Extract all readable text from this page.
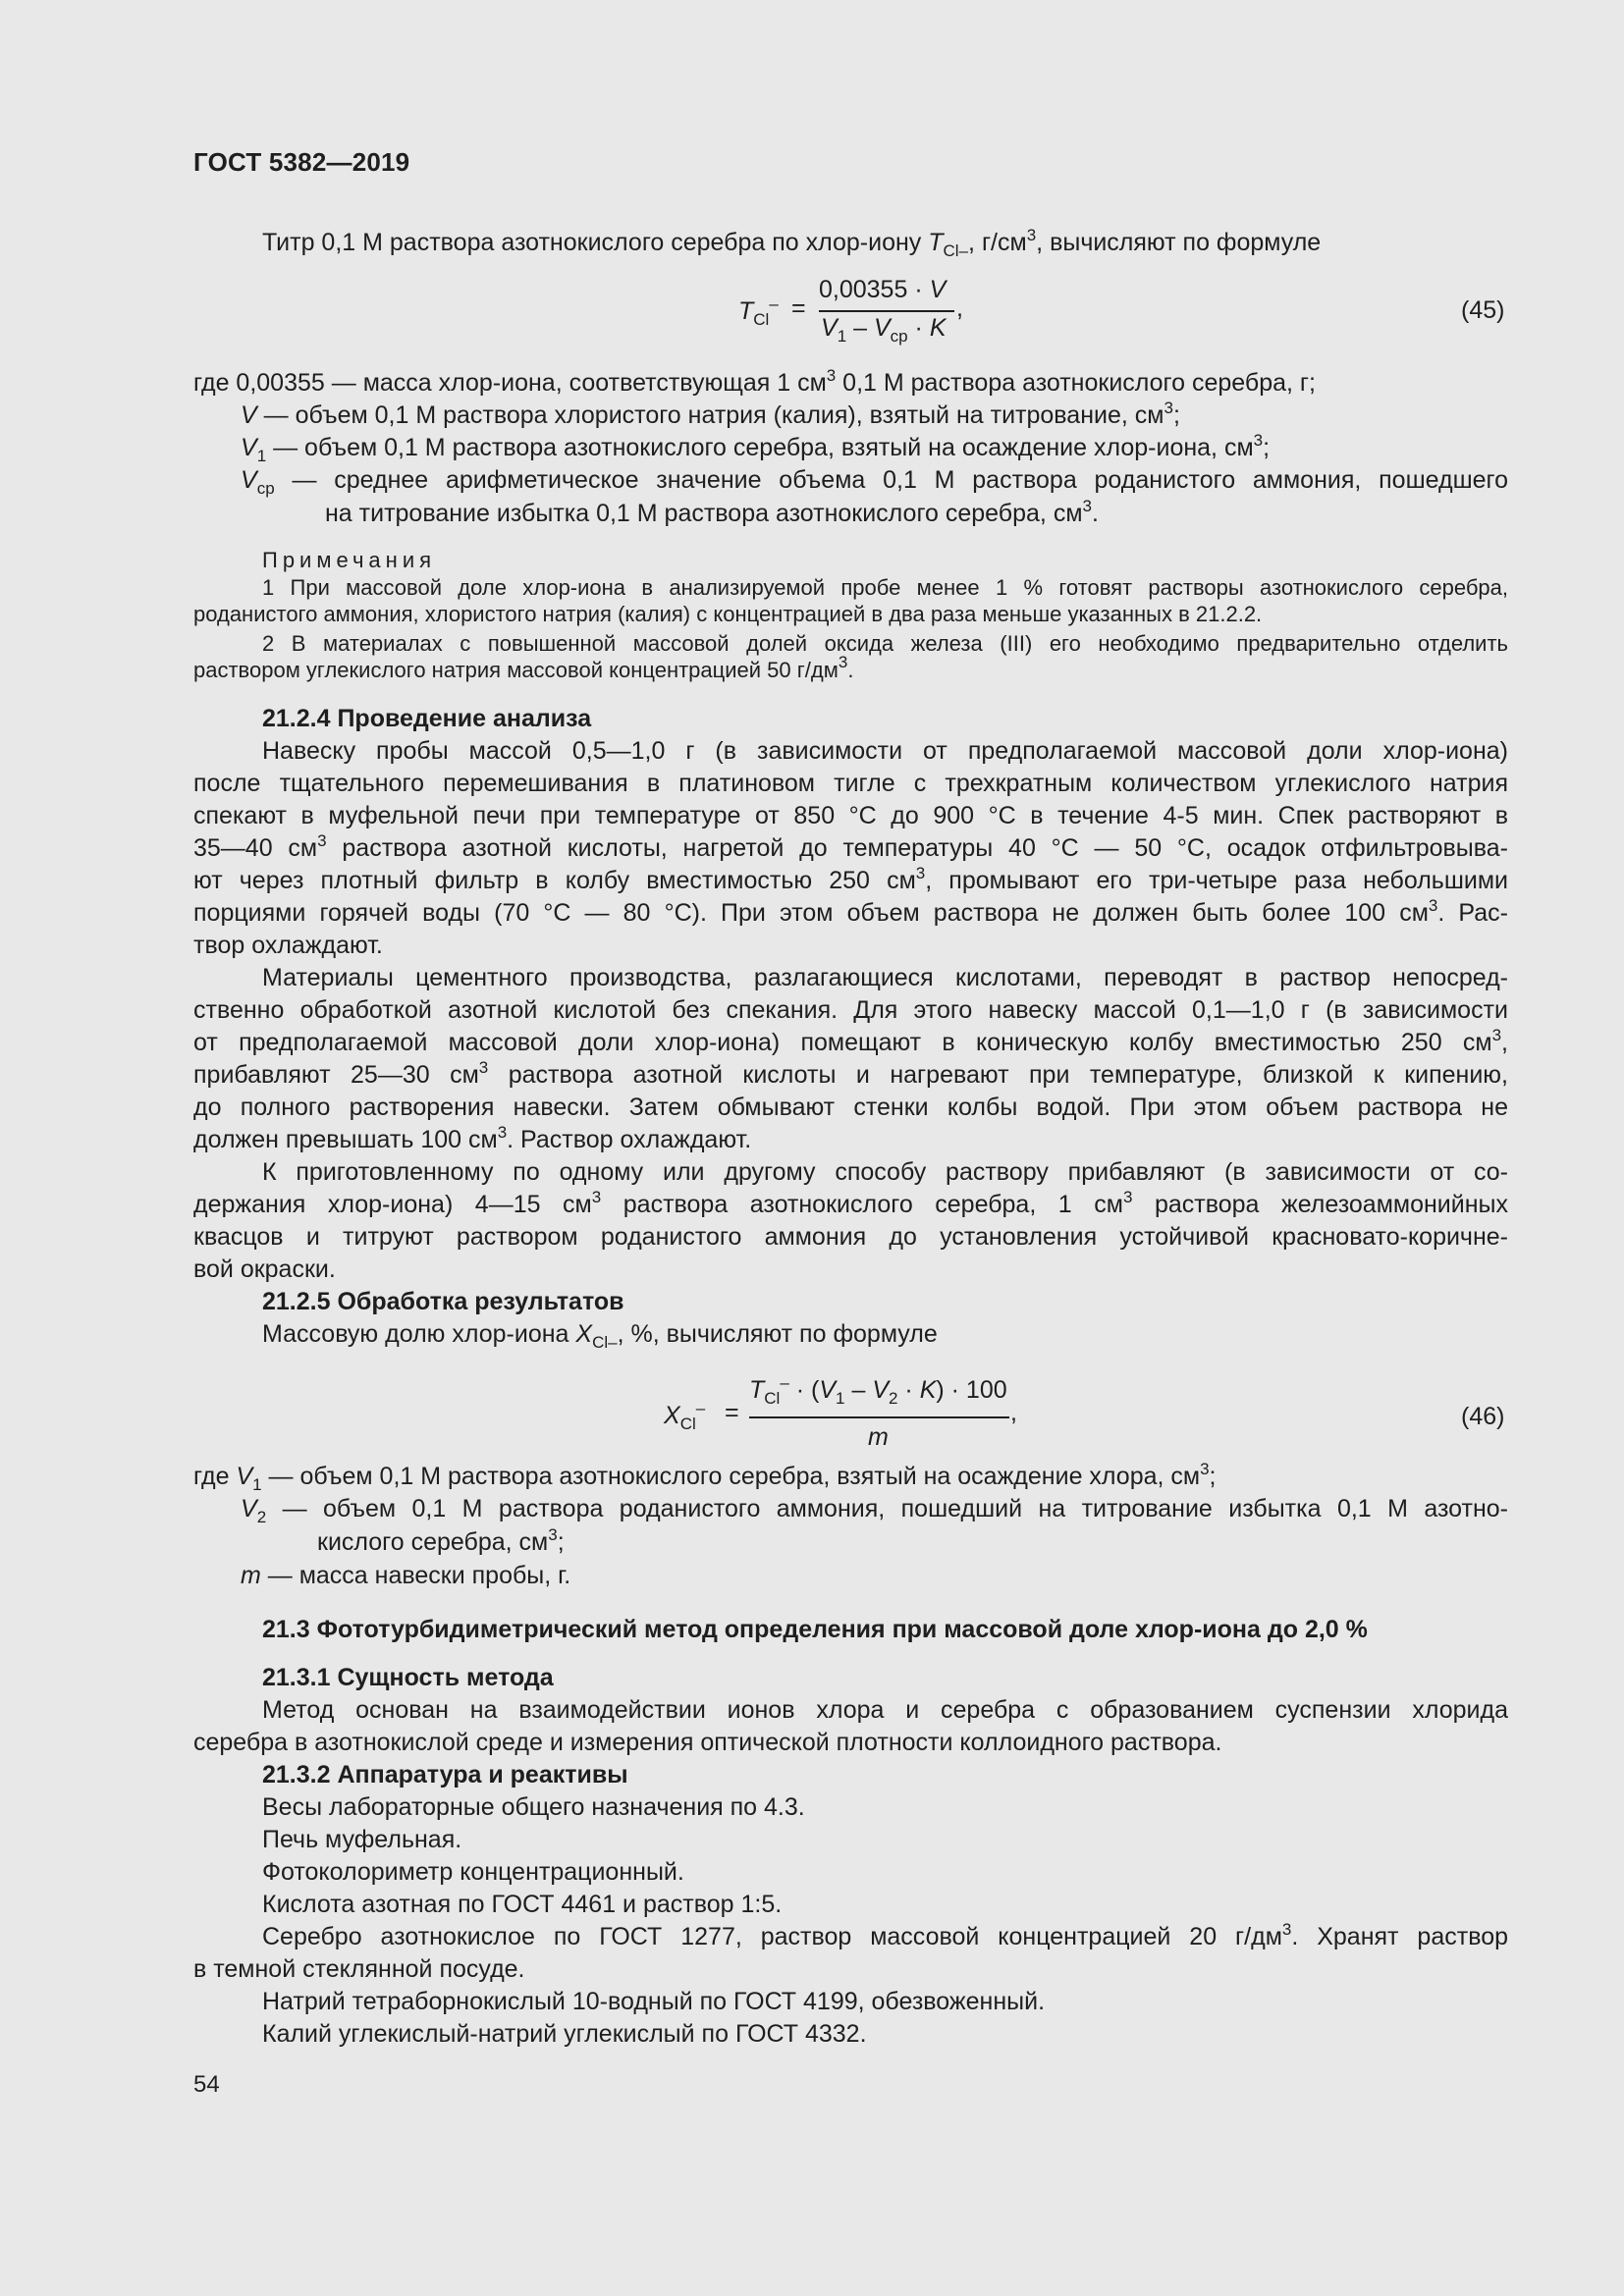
ГОСТ 5382—2019
Титр 0,1 М раствора азотнокислого серебра по хлор-иону $T_{Cl-}$, $г/см^3$, вычисляют по формуле
$T_{Cl}^-$ =
0,00355 · V
$V_1 - V_{ср} \cdot K$
,	(45)
где 0,00355 — масса хлор-иона, соответствующая 1 $см^3$ 0,1 М раствора азотнокислого серебра, г;
V — объем 0,1 М раствора хлористого натрия (калия), взятый на титрование, $см^3$;
$V_1$ — объем 0,1 М раствора азотнокислого серебра, взятый на осаждение хлор-иона, $см^3$;
$V_{ср}$ — среднее арифметическое значение объема 0,1 М раствора роданистого аммония, пошедшего
на титрование избытка 0,1 М раствора азотнокислого серебра, $см^3$.
Примечания
1 При массовой доле хлор-иона в анализируемой пробе менее 1 % готовят растворы азотнокислого серебра,
роданистого аммония, хлористого натрия (калия) с концентрацией в два раза меньше указанных в 21.2.2.
2 В материалах с повышенной массовой долей оксида железа (III) его необходимо предварительно отделить
раствором углекислого натрия массовой концентрацией 50 $г/дм^3$.
21.2.4 Проведение анализа
Навеску пробы массой 0,5—1,0 г (в зависимости от предполагаемой массовой доли хлор-иона)
после тщательного перемешивания в платиновом тигле с трехкратным количеством углекислого натрия
спекают в муфельной печи при температуре от 850 °С до 900 °С в течение 4-5 мин. Спек растворяют в
35—40 $см^3$ раствора азотной кислоты, нагретой до температуры 40 °С — 50 °С, осадок отфильтровыва-
ют через плотный фильтр в колбу вместимостью 250 $см^3$, промывают его три-четыре раза небольшими
порциями горячей воды (70 °С — 80 °С). При этом объем раствора не должен быть более 100 $см^3$. Рас-
твор охлаждают.
Материалы цементного производства, разлагающиеся кислотами, переводят в раствор непосред-
ственно обработкой азотной кислотой без спекания. Для этого навеску массой 0,1—1,0 г (в зависимости
от предполагаемой массовой доли хлор-иона) помещают в коническую колбу вместимостью 250 $см^3$,
прибавляют 25—30 $см^3$ раствора азотной кислоты и нагревают при температуре, близкой к кипению,
до полного растворения навески. Затем обмывают стенки колбы водой. При этом объем раствора не
должен превышать 100 $см^3$. Раствор охлаждают.
К приготовленному по одному или другому способу раствору прибавляют (в зависимости от со-
держания хлор-иона) 4—15 $см^3$ раствора азотнокислого серебра, 1 $см^3$ раствора железоаммонийных
квасцов и титруют раствором роданистого аммония до установления устойчивой красновато-коричне-
вой окраски.
21.2.5 Обработка результатов
Массовую долю хлор-иона $X_{Cl-}$, %, вычисляют по формуле
$X_{Cl}^-$ =
$T_{Cl}^- \cdot (V_1 - V_2 \cdot K) \cdot 100$
m
,	(46)
где $V_1$ — объем 0,1 М раствора азотнокислого серебра, взятый на осаждение хлора, $см^3$;
$V_2$ — объем 0,1 М раствора роданистого аммония, пошедший на титрование избытка 0,1 М азотно-
кислого серебра, $см^3$;
m — масса навески пробы, г.
21.3 Фототурбидиметрический метод определения при массовой доле хлор-иона до 2,0 %
21.3.1 Сущность метода
Метод основан на взаимодействии ионов хлора и серебра с образованием суспензии хлорида
серебра в азотнокислой среде и измерения оптической плотности коллоидного раствора.
21.3.2 Аппаратура и реактивы
Весы лабораторные общего назначения по 4.3.
Печь муфельная.
Фотоколориметр концентрационный.
Кислота азотная по ГОСТ 4461 и раствор 1:5.
Серебро азотнокислое по ГОСТ 1277, раствор массовой концентрацией 20 $г/дм^3$. Хранят раствор
в темной стеклянной посуде.
Натрий тетраборнокислый 10-водный по ГОСТ 4199, обезвоженный.
Калий углекислый-натрий углекислый по ГОСТ 4332.
54
